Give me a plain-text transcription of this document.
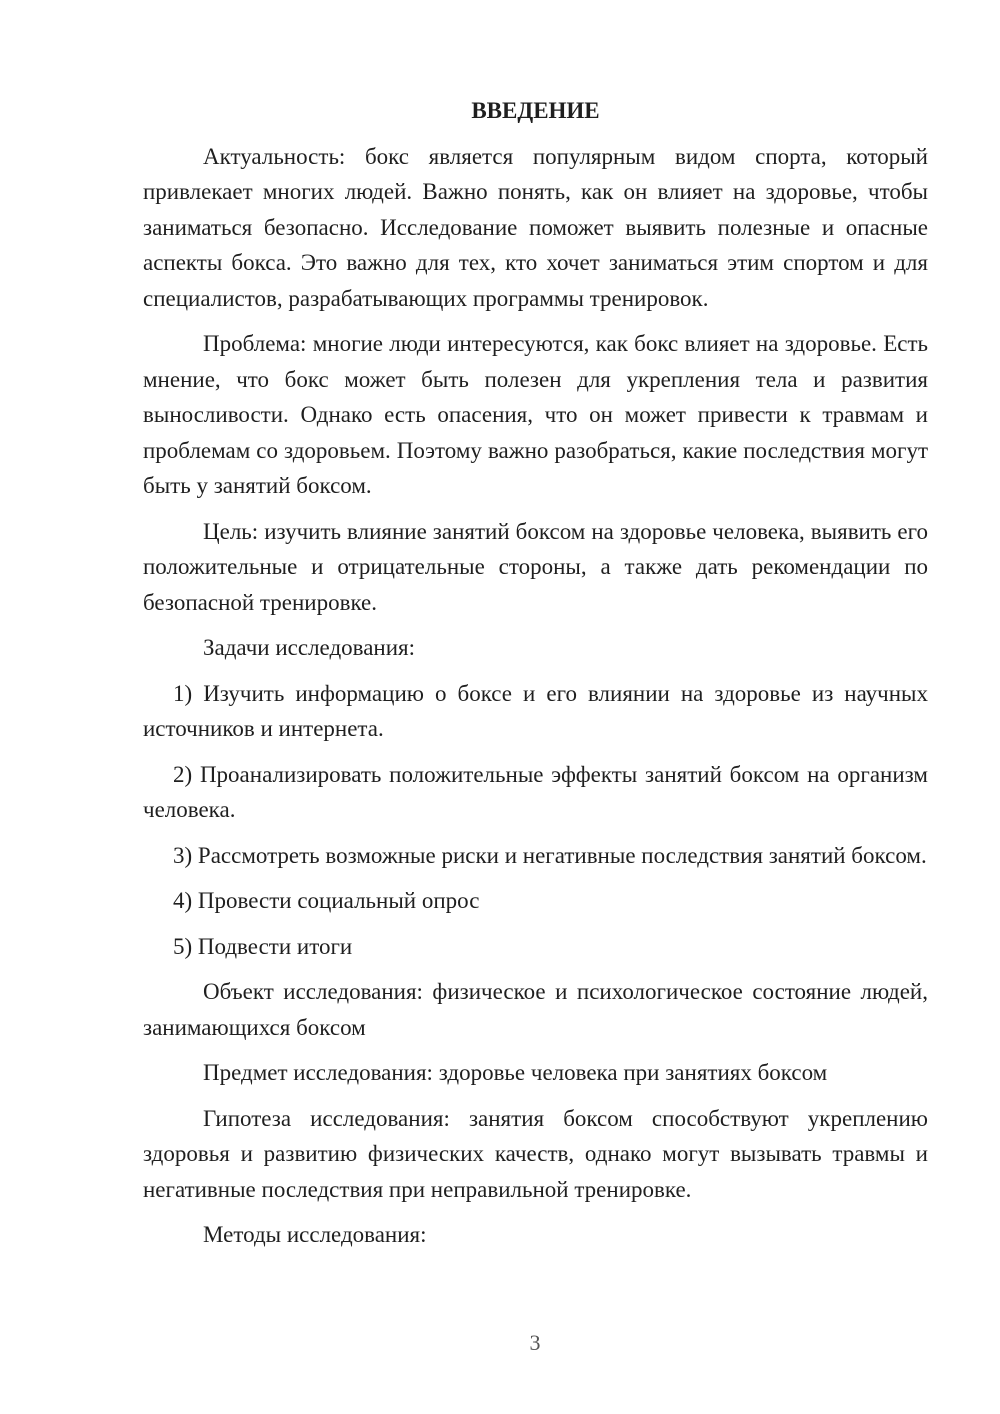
ВВЕДЕНИЕ

Актуальность: бокс является популярным видом спорта, который привлекает многих людей. Важно понять, как он влияет на здоровье, чтобы заниматься безопасно. Исследование поможет выявить полезные и опасные аспекты бокса. Это важно для тех, кто хочет заниматься этим спортом и для специалистов, разрабатывающих программы тренировок.

Проблема: многие люди интересуются, как бокс влияет на здоровье. Есть мнение, что бокс может быть полезен для укрепления тела и развития выносливости. Однако есть опасения, что он может привести к травмам и проблемам со здоровьем. Поэтому важно разобраться, какие последствия могут быть у занятий боксом.

Цель: изучить влияние занятий боксом на здоровье человека, выявить его положительные и отрицательные стороны, а также дать рекомендации по безопасной тренировке.

Задачи исследования:

1) Изучить информацию о боксе и его влиянии на здоровье из научных источников и интернета.

2) Проанализировать положительные эффекты занятий боксом на организм человека.

3) Рассмотреть возможные риски и негативные последствия занятий боксом.

4) Провести социальный опрос

5) Подвести итоги

Объект исследования: физическое и психологическое состояние людей, занимающихся боксом

Предмет исследования: здоровье человека при занятиях боксом

Гипотеза исследования: занятия боксом способствуют укреплению здоровья и развитию физических качеств, однако могут вызывать травмы и негативные последствия при неправильной тренировке.

Методы исследования:

3
